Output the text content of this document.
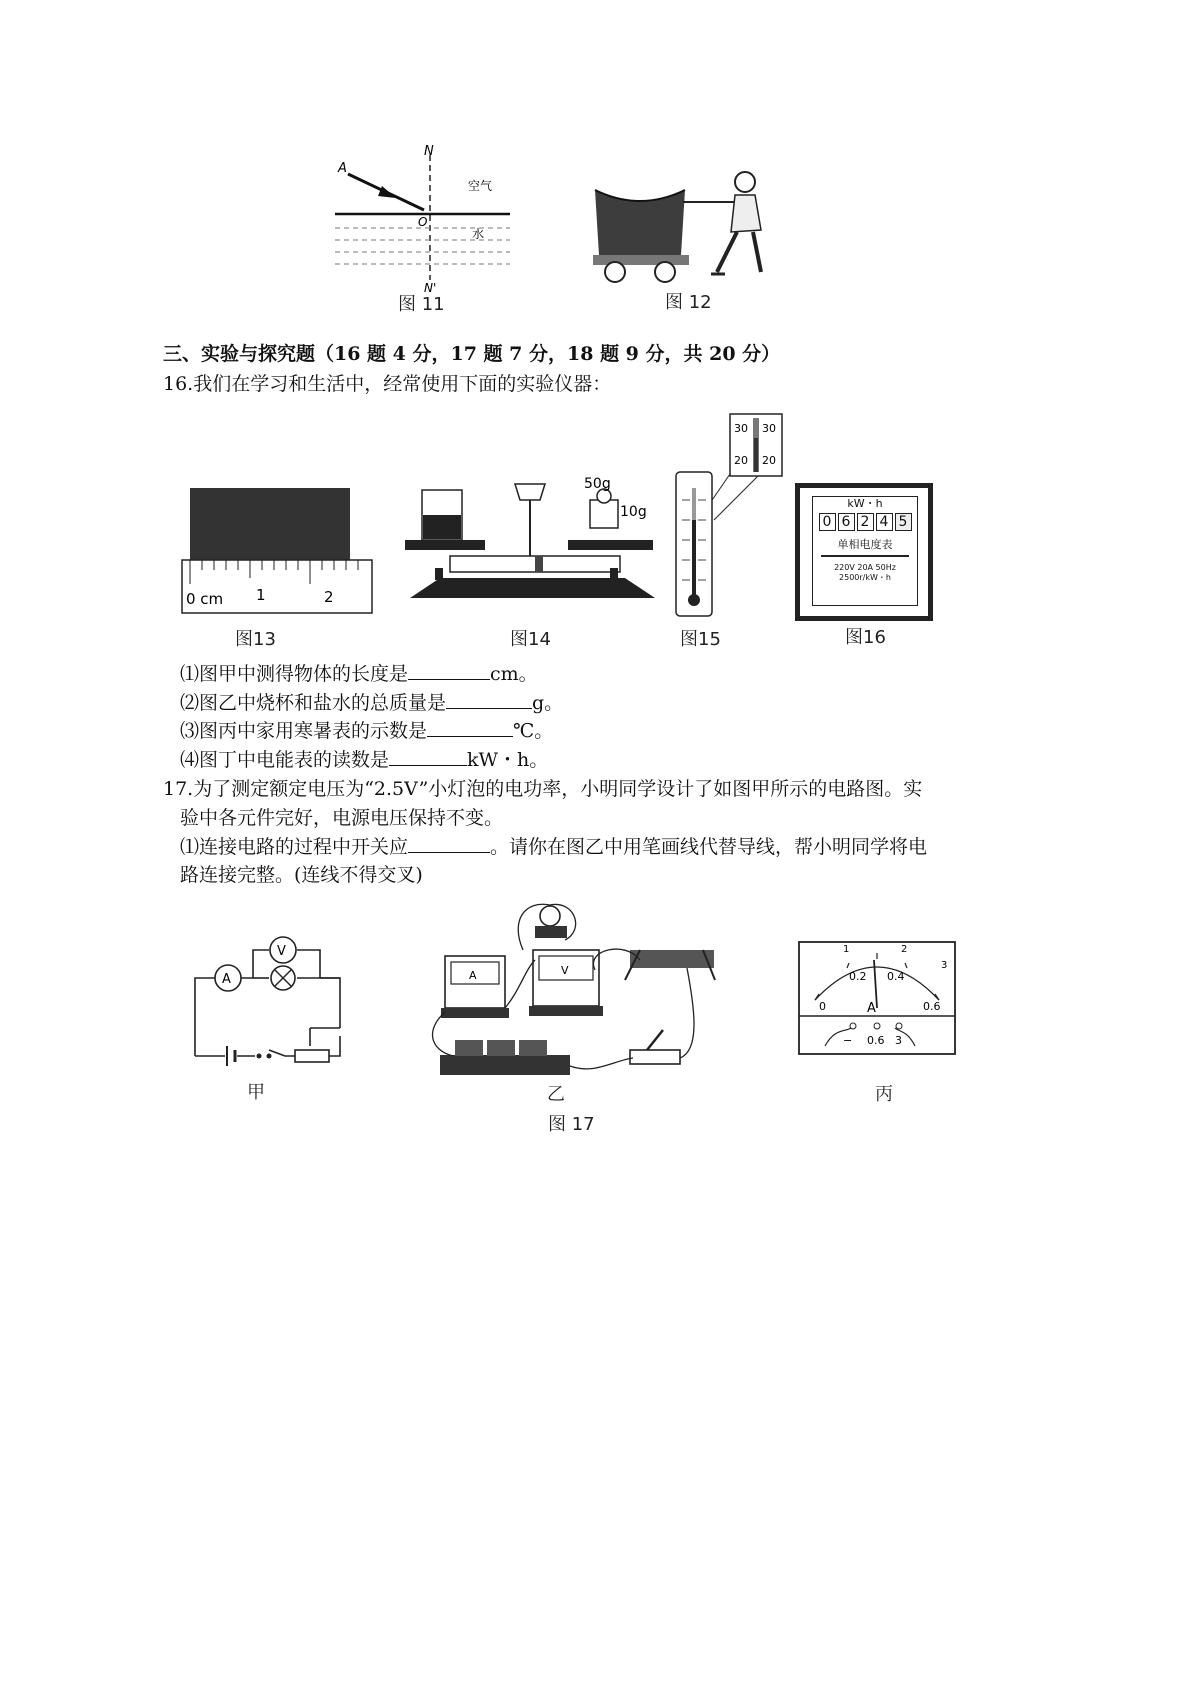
N
N'
A
O
空气
水
图 11	图 12
三、实验与探究题（16 题 4 分，17 题 7 分，18 题 9 分，共 20 分）
16.我们在学习和生活中，经常使用下面的实验仪器：
0 cm 1	2
图13
50g
10g
图14
30 30
20 20
图15
kW・h
0 6 2 4 5
单相电度表
220V 20A 50Hz
2500r/kW・h
图16
⑴图甲中测得物体的长度是	cm。
⑵图乙中烧杯和盐水的总质量是	g。
⑶图丙中家用寒暑表的示数是	℃。
⑷图丁中电能表的读数是	kW・h。
17.为了测定额定电压为“2.5V”小灯泡的电功率，小明同学设计了如图甲所示的电路图。实
验中各元件完好，电源电压保持不变。
⑴连接电路的过程中开关应	。请你在图乙中用笔画线代替导线，帮小明同学将电
路连接完整。(连线不得交叉)
A
V
甲
A	V
乙
0
0.2 0.4
0.6
1	2
3
A
− 0.6 3
丙
图 17
